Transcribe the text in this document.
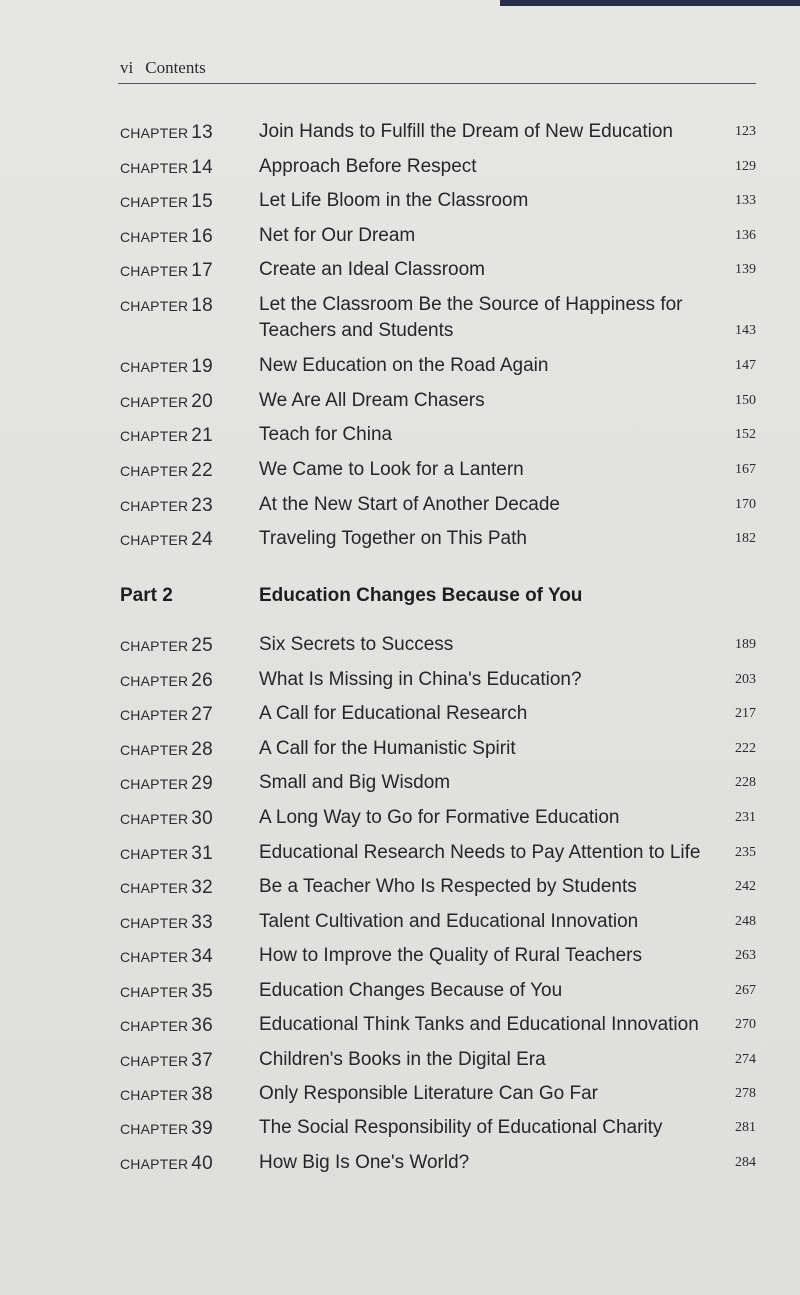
vi Contents
CHAPTER 13 Join Hands to Fulfill the Dream of New Education	123
CHAPTER 14 Approach Before Respect	129
CHAPTER 15 Let Life Bloom in the Classroom	133
CHAPTER 16 Net for Our Dream	136
CHAPTER 17 Create an Ideal Classroom	139
CHAPTER 18 Let the Classroom Be the Source of Happiness for Teachers and Students	143
CHAPTER 19 New Education on the Road Again	147
CHAPTER 20 We Are All Dream Chasers	150
CHAPTER 21 Teach for China	152
CHAPTER 22 We Came to Look for a Lantern	167
CHAPTER 23 At the New Start of Another Decade	170
CHAPTER 24 Traveling Together on This Path	182
Part 2	Education Changes Because of You
CHAPTER 25 Six Secrets to Success	189
CHAPTER 26 What Is Missing in China's Education?	203
CHAPTER 27 A Call for Educational Research	217
CHAPTER 28 A Call for the Humanistic Spirit	222
CHAPTER 29 Small and Big Wisdom	228
CHAPTER 30 A Long Way to Go for Formative Education	231
CHAPTER 31 Educational Research Needs to Pay Attention to Life	235
CHAPTER 32 Be a Teacher Who Is Respected by Students	242
CHAPTER 33 Talent Cultivation and Educational Innovation	248
CHAPTER 34 How to Improve the Quality of Rural Teachers	263
CHAPTER 35 Education Changes Because of You	267
CHAPTER 36 Educational Think Tanks and Educational Innovation	270
CHAPTER 37 Children's Books in the Digital Era	274
CHAPTER 38 Only Responsible Literature Can Go Far	278
CHAPTER 39 The Social Responsibility of Educational Charity	281
CHAPTER 40 How Big Is One's World?	284
